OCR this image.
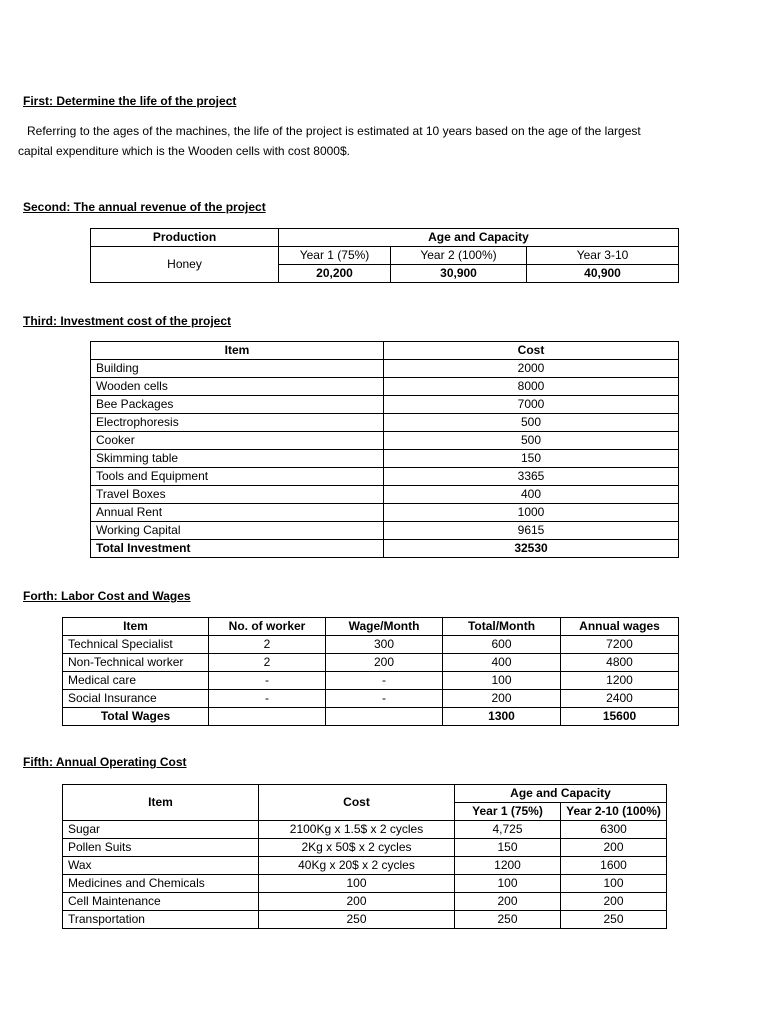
First: Determine the life of the project
Referring to the ages of the machines, the life of the project is estimated at 10 years based on the age of the largest
capital expenditure which is the Wooden cells with cost 8000$.
Second: The annual revenue of the project
Production	Age and Capacity		
Honey	Year 1 (75%)	Year 2 (100%)	Year 3-10
	20,200	30,900	40,900
Third: Investment cost of the project
Item	Cost
Building	2000
Wooden cells	8000
Bee Packages	7000
Electrophoresis	500
Cooker	500
Skimming table	150
Tools and Equipment	3365
Travel Boxes	400
Annual Rent	1000
Working Capital	9615
Total Investment	32530
Forth: Labor Cost and Wages
Item	No. of worker	Wage/Month	Total/Month	Annual wages
Technical Specialist	2	300	600	7200
Non-Technical worker	2	200	400	4800
Medical care	-	-	100	1200
Social Insurance	-	-	200	2400
Total Wages			1300	15600
Fifth: Annual Operating Cost
Item	Cost	Age and Capacity	
		Year 1 (75%)	Year 2-10 (100%)
Sugar	2100Kg x 1.5$ x 2 cycles	4,725	6300
Pollen Suits	2Kg x 50$ x 2 cycles	150	200
Wax	40Kg x 20$ x 2 cycles	1200	1600
Medicines and Chemicals	100	100	100
Cell Maintenance	200	200	200
Transportation	250	250	250
